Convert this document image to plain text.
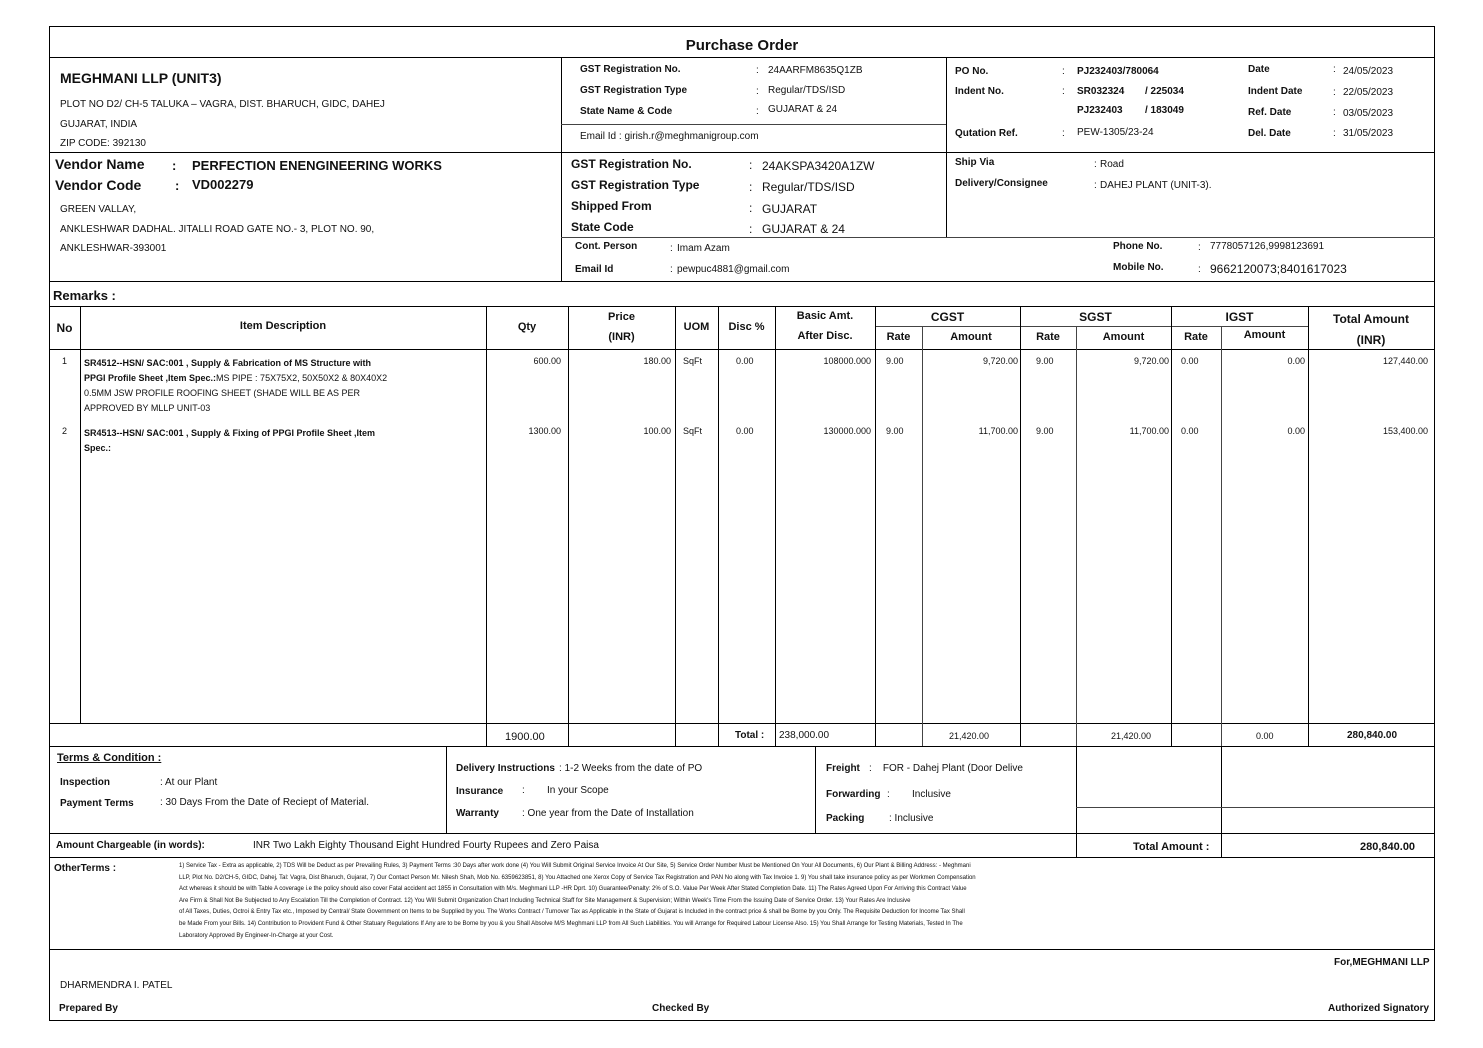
Purchase Order
MEGHMANI LLP (UNIT3)
PLOT NO D2/ CH-5 TALUKA – VAGRA, DIST. BHARUCH, GIDC, DAHEJ
GUJARAT, INDIA
ZIP CODE: 392130
GST Registration No.	: 24AARFM8635Q1ZB
GST Registration Type	: Regular/TDS/ISD
State Name & Code	: GUJARAT & 24
Email Id : girish.r@meghmanigroup.com
PO No.	: PJ232403/780064
Indent No.	: SR032324 / 225034
PJ232403 / 183049
Qutation Ref.	: PEW-1305/23-24
Date	: 24/05/2023
Indent Date	: 22/05/2023
Ref. Date	: 03/05/2023
Del. Date	: 31/05/2023
Vendor Name : PERFECTION ENENGINEERING WORKS
Vendor Code	: VD002279
GREEN VALLAY,
ANKLESHWAR DADHAL. JITALLI ROAD GATE NO.- 3, PLOT NO. 90,
ANKLESHWAR-393001
GST Registration No.	: 24AKSPA3420A1ZW
GST Registration Type	: Regular/TDS/ISD
Shipped From	: GUJARAT
State Code	: GUJARAT & 24
Ship Via	: Road
Delivery/Consignee	: DAHEJ PLANT (UNIT-3).
Cont. Person	: Imam Azam
Email Id	: pewpuc4881@gmail.com
Phone No.	: 7778057126,9998123691
Mobile No.	: 9662120073;8401617023
Remarks :
No	Item Description	Qty
Price
(INR)
UOM	Disc %
Basic Amt.
After Disc.
CGST
Rate	Amount
SGST
Rate	Amount
IGST
Rate	Amount
Total Amount
(INR)
1	SR4512--HSN/ SAC:001 , Supply & Fabrication of MS Structure with
PPGI Profile Sheet ,Item Spec.:MS PIPE : 75X75X2, 50X50X2 & 80X40X2
0.5MM JSW PROFILE ROOFING SHEET (SHADE WILL BE AS PER
APPROVED BY MLLP UNIT-03
600.00	180.00 SqFt	0.00	108000.000 9.00	9,720.00 9.00	9,720.00 0.00	0.00	127,440.00
2	SR4513--HSN/ SAC:001 , Supply & Fixing of PPGI Profile Sheet ,Item
Spec.:
1300.00	100.00 SqFt	0.00	130000.000 9.00	11,700.00 9.00	11,700.00 0.00	0.00	153,400.00
1900.00	Total : 238,000.00	21,420.00	21,420.00	0.00	280,840.00
Terms & Condition :
Inspection	: At our Plant
Payment Terms	: 30 Days From the Date of Reciept of Material.
Delivery Instructions : 1-2 Weeks from the date of PO
Insurance :        In your Scope
Warranty : One year from the Date of Installation
Freight :    FOR - Dahej Plant (Door Delive
Forwarding :        Inclusive
Packing : Inclusive
Amount Chargeable (in words):	INR Two Lakh Eighty Thousand Eight Hundred Fourty Rupees and Zero Paisa	Total Amount :	280,840.00
OtherTerms :	1) Service Tax - Extra as applicable, 2) TDS Will be Deduct as per Prevailing Rules, 3) Payment Terms :30 Days after work done (4) You Will Submit Original Service Invoice At Our Site, 5) Service Order Number Must be Mentioned On Your All Documents, 6) Our Plant & Billing Address: - Meghmani
LLP, Plot No. D2/CH-5, GIDC, Dahej, Tal: Vagra, Dist Bharuch, Gujarat, 7) Our Contact Person Mr. Nilesh Shah, Mob No. 6359623851, 8) You Attached one Xerox Copy of Service Tax Registration and PAN No along with Tax Invoice 1. 9) You shall take insurance policy as per Workmen Compensation
Act whereas it should be with Table A coverage i.e the policy should also cover Fatal accident act 1855 in Consultation with M/s. Meghmani LLP -HR Dprt. 10) Guarantee/Penalty: 2% of S.O. Value Per Week After Stated Completion Date. 11) The Rates Agreed Upon For Arriving this Contract Value
Are Firm & Shall Not Be Subjected to Any Escalation Till the Completion of Contract. 12) You Will Submit Organization Chart Including Technical Staff for Site Management & Supervision; Within Week's Time From the Issuing Date of Service Order. 13) Your Rates Are Inclusive
of All Taxes, Duties, Octroi & Entry Tax etc., Imposed by Central/ State Government on Items to be Supplied by you. The Works Contract / Turnover Tax as Applicable in the State of Gujarat is Included in the contract price & shall be Borne by you Only. The Requisite Deduction for Income Tax Shall
be Made From your Bills. 14) Contribution to Provident Fund & Other Statuary Regulations If Any are to be Borne by you & you Shall Absolve M/S Meghmani LLP from All Such Liabilities. You will Arrange for Required Labour License Also. 15) You Shall Arrange for Testing Materials, Tested In The
Laboratory Approved By Engineer-In-Charge at your Cost.
For,MEGHMANI LLP
DHARMENDRA I. PATEL
Prepared By	Checked By	Authorized Signatory
